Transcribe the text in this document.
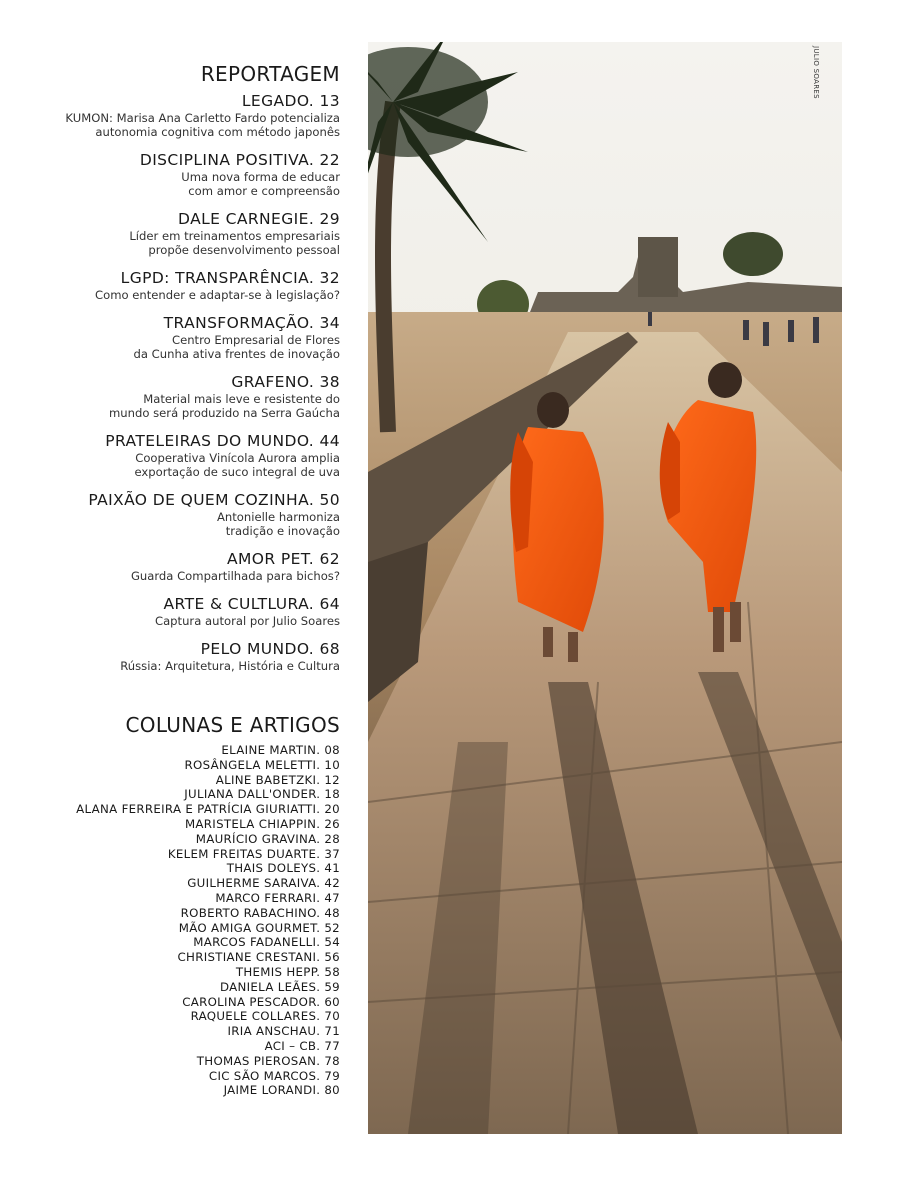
REPORTAGEM
LEGADO. 13
KUMON: Marisa Ana Carletto Fardo potencializa
autonomia cognitiva com método japonês
DISCIPLINA POSITIVA. 22
Uma nova forma de educar
com amor e compreensão
DALE CARNEGIE. 29
Líder em treinamentos empresariais
propõe desenvolvimento pessoal
LGPD: TRANSPARÊNCIA. 32
Como entender e adaptar-se à legislação?
TRANSFORMAÇÃO. 34
Centro Empresarial de Flores
da Cunha ativa frentes de inovação
GRAFENO. 38
Material mais leve e resistente do
mundo será produzido na Serra Gaúcha
PRATELEIRAS DO MUNDO. 44
Cooperativa Vinícola Aurora amplia
exportação de suco integral de uva
PAIXÃO DE QUEM COZINHA. 50
Antonielle harmoniza
tradição e inovação
AMOR PET. 62
Guarda Compartilhada para bichos?
ARTE & CULTLURA. 64
Captura autoral por Julio Soares
PELO MUNDO. 68
Rússia: Arquitetura, História e Cultura
COLUNAS E ARTIGOS
ELAINE MARTIN. 08
ROSÂNGELA MELETTI. 10
ALINE BABETZKI. 12
JULIANA DALL'ONDER. 18
ALANA FERREIRA E PATRÍCIA GIURIATTI. 20
MARISTELA CHIAPPIN. 26
MAURÍCIO GRAVINA. 28
KELEM FREITAS DUARTE. 37
THAIS DOLEYS. 41
GUILHERME SARAIVA. 42
MARCO FERRARI. 47
ROBERTO RABACHINO. 48
MÃO AMIGA GOURMET. 52
MARCOS FADANELLI. 54
CHRISTIANE CRESTANI. 56
THEMIS HEPP. 58
DANIELA LEÃES. 59
CAROLINA PESCADOR. 60
RAQUELE COLLARES. 70
IRIA ANSCHAU. 71
ACI – CB. 77
THOMAS PIEROSAN. 78
CIC SÃO MARCOS. 79
JAIME LORANDI. 80
JULIO SOARES
